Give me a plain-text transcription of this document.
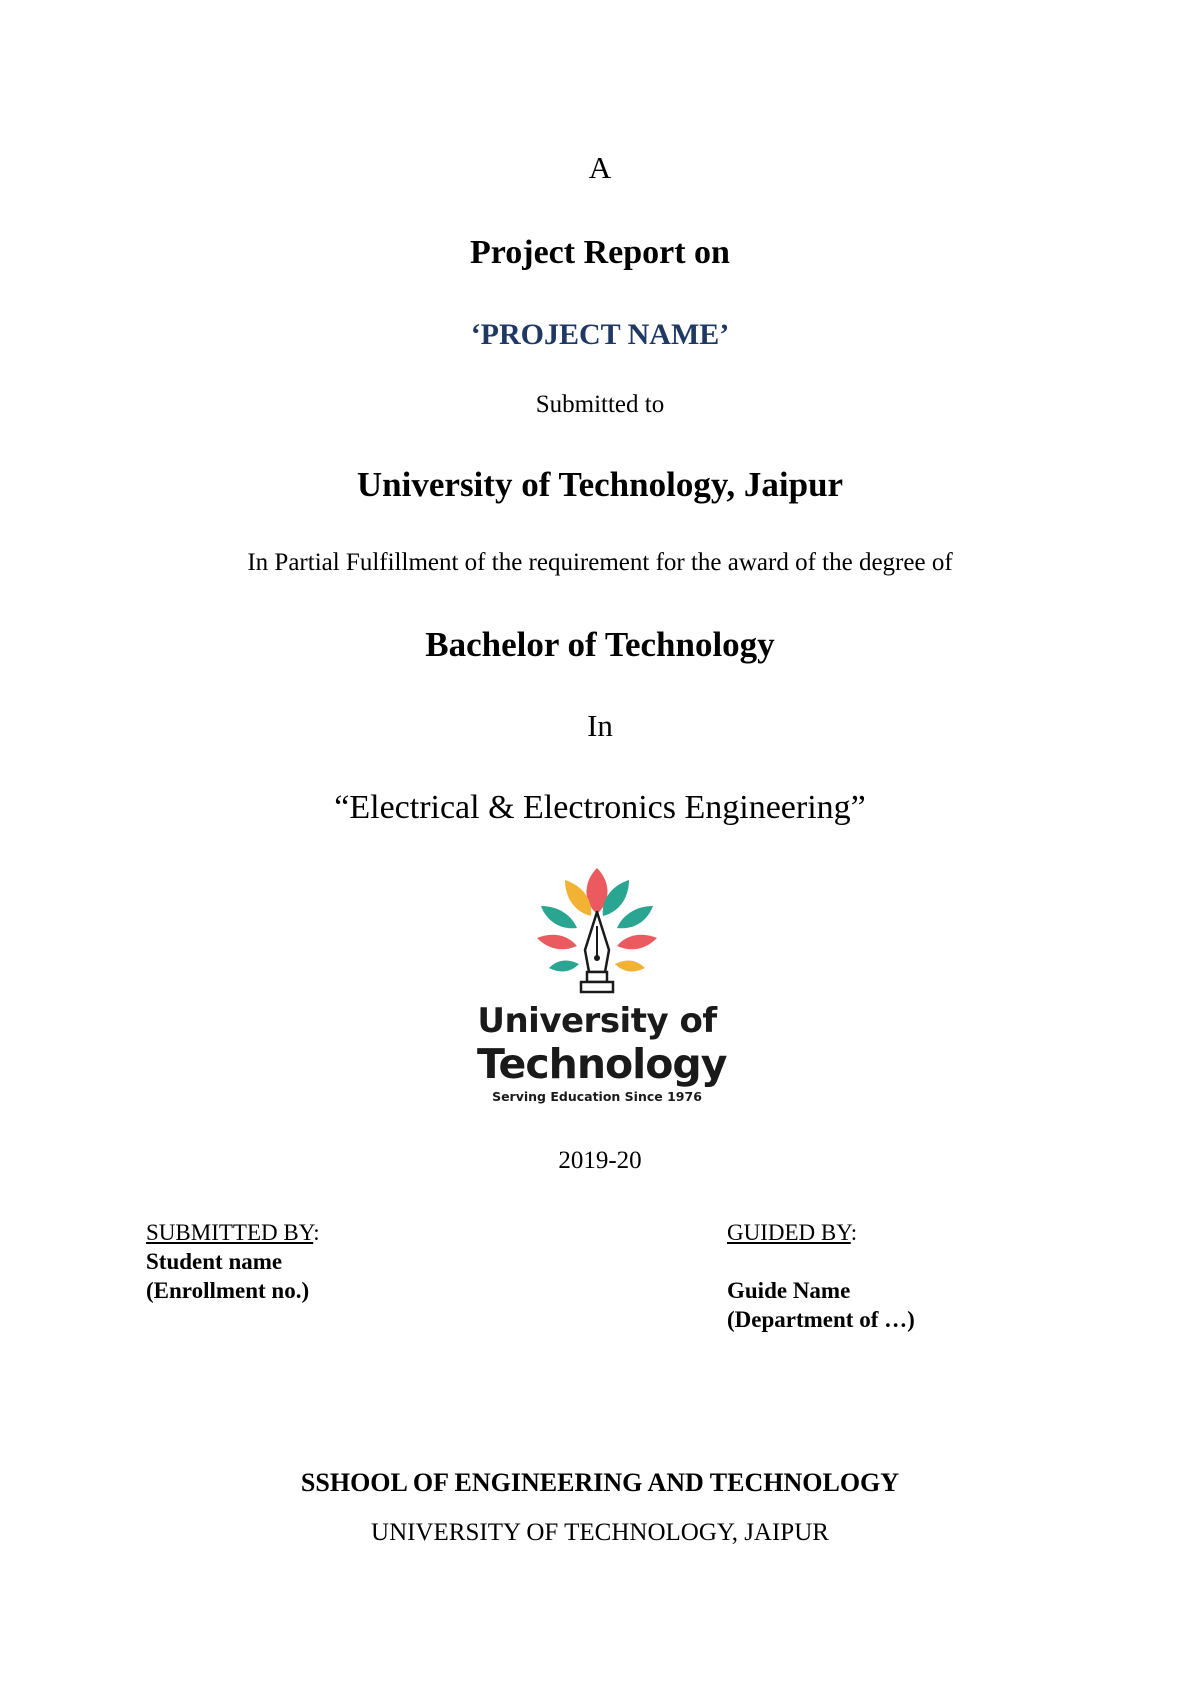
A
Project Report on
‘PROJECT NAME’
Submitted to
University of Technology, Jaipur
In Partial Fulfillment of the requirement for the award of the degree of
Bachelor of Technology
In
“Electrical & Electronics Engineering”
University of
Technology
Serving Education Since 1976
2019-20
SUBMITTED BY:
Student name
(Enrollment no.)
GUIDED BY:
Guide Name
(Department of …)
SSHOOL OF ENGINEERING AND TECHNOLOGY
UNIVERSITY OF TECHNOLOGY, JAIPUR
